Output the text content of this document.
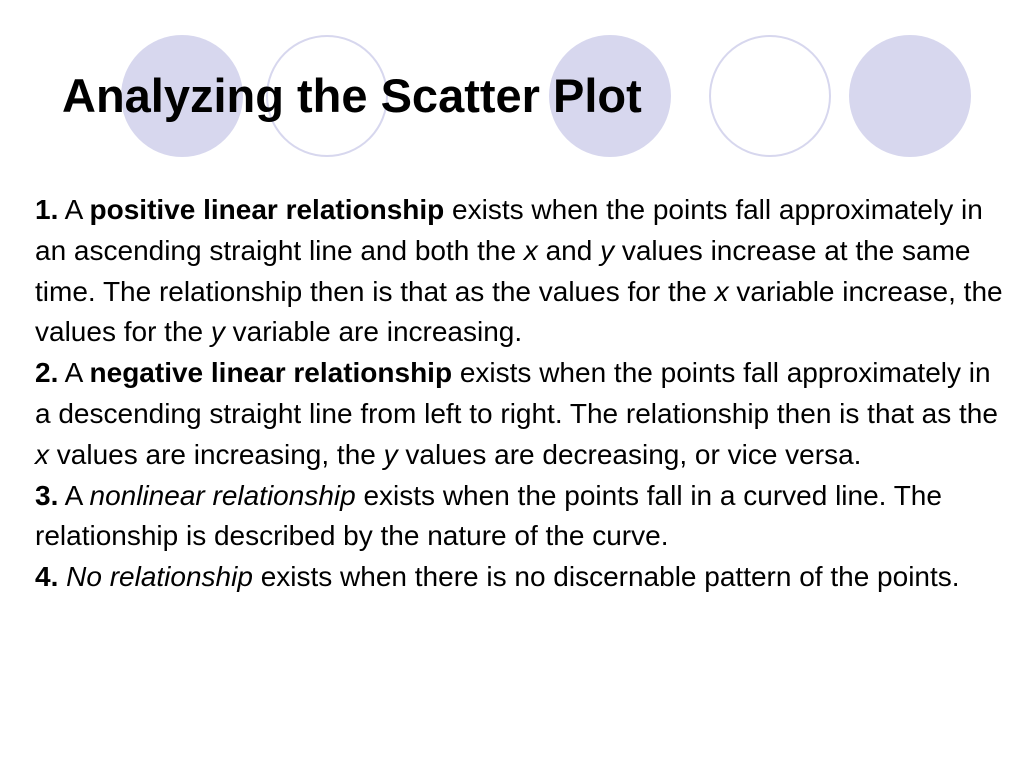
Analyzing the Scatter Plot

1. A positive linear relationship exists when the points fall approximately in an ascending straight line and both the x and y values increase at the same time. The relationship then is that as the values for the x variable increase, the values for the y variable are increasing.

2. A negative linear relationship exists when the points fall approximately in a descending straight line from left to right. The relationship then is that as the x values are increasing, the y values are decreasing, or vice versa.

3. A nonlinear relationship exists when the points fall in a curved line. The relationship is described by the nature of the curve.

4. No relationship exists when there is no discernable pattern of the points.
